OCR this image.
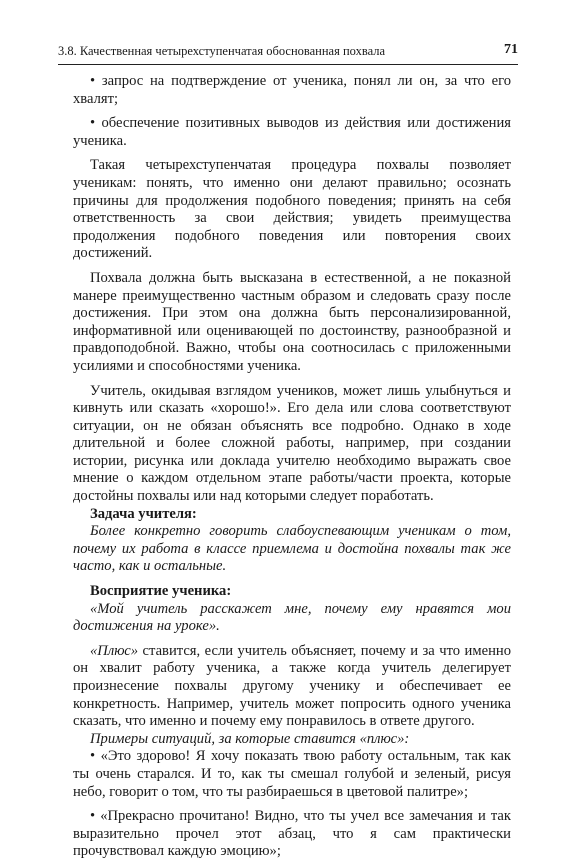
3.8. Качественная четырехступенчатая обоснованная похвала	71

• запрос на подтверждение от ученика, понял ли он, за что его хвалят;

• обеспечение позитивных выводов из действия или достижения ученика.

Такая четырехступенчатая процедура похвалы позволяет ученикам: понять, что именно они делают правильно; осознать причины для продолжения подобного поведения; принять на себя ответственность за свои действия; увидеть преимущества продолжения подобного поведения или повторения своих достижений.

Похвала должна быть высказана в естественной, а не показной манере преимущественно частным образом и следовать сразу после достижения. При этом она должна быть персонализированной, информативной или оценивающей по достоинству, разнообразной и правдоподобной. Важно, чтобы она соотносилась с приложенными усилиями и способностями ученика.

Учитель, окидывая взглядом учеников, может лишь улыбнуться и кивнуть или сказать «хорошо!». Его дела или слова соответствуют ситуации, он не обязан объяснять все подробно. Однако в ходе длительной и более сложной работы, например, при создании истории, рисунка или доклада учителю необходимо выражать свое мнение о каждом отдельном этапе работы/части проекта, которые достойны похвалы или над которыми следует поработать.

Задача учителя:

Более конкретно говорить слабоуспевающим ученикам о том, почему их работа в классе приемлема и достойна похвалы так же часто, как и остальные.

Восприятие ученика:

«Мой учитель расскажет мне, почему ему нравятся мои достижения на уроке».

«Плюс» ставится, если учитель объясняет, почему и за что именно он хвалит работу ученика, а также когда учитель делегирует произнесение похвалы другому ученику и обеспечивает ее конкретность. Например, учитель может попросить одного ученика сказать, что именно и почему ему понравилось в ответе другого.

Примеры ситуаций, за которые ставится «плюс»:

• «Это здорово! Я хочу показать твою работу остальным, так как ты очень старался. И то, как ты смешал голубой и зеленый, рисуя небо, говорит о том, что ты разбираешься в цветовой палитре»;

• «Прекрасно прочитано! Видно, что ты учел все замечания и так выразительно прочел этот абзац, что я сам практически прочувствовал каждую эмоцию»;
